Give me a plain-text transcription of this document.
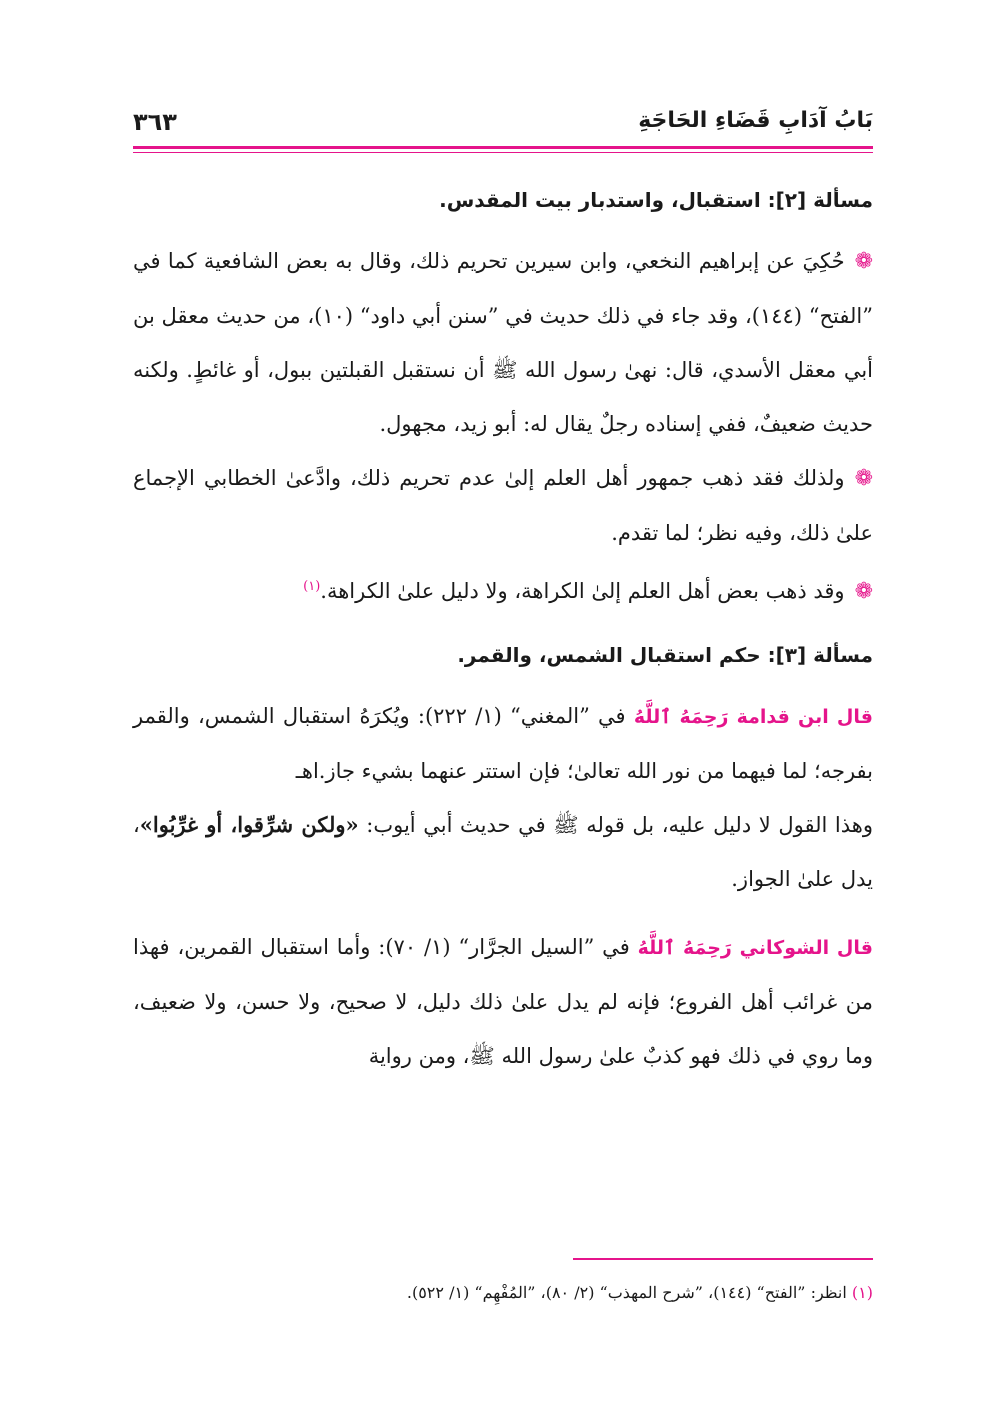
بَابُ آدَابِ قَضَاءِ الحَاجَةِ
٣٦٣
مسألة [٢]: استقبال، واستدبار بيت المقدس.

❁حُكِيَ عن إبراهيم النخعي، وابن سيرين تحريم ذلك، وقال به بعض الشافعية كما في ”الفتح“ (١٤٤)، وقد جاء في ذلك حديث في ”سنن أبي داود“ (١٠)، من حديث معقل بن أبي معقل الأسدي، قال: نهىٰ رسول الله ﷺ أن نستقبل القبلتين ببول، أو غائطٍ. ولكنه حديث ضعيفٌ، ففي إسناده رجلٌ يقال له: أبو زيد، مجهول.

❁ولذلك فقد ذهب جمهور أهل العلم إلىٰ عدم تحريم ذلك، وادَّعىٰ الخطابي الإجماع علىٰ ذلك، وفيه نظر؛ لما تقدم.

❁وقد ذهب بعض أهل العلم إلىٰ الكراهة، ولا دليل علىٰ الكراهة.$^{(١)}$

مسألة [٣]: حكم استقبال الشمس، والقمر.

قال ابن قدامة رَحِمَهُ ٱللَّهُ في ”المغني“ (١/ ٢٢٢): ويُكرَهُ استقبال الشمس، والقمر بفرجه؛ لما فيهما من نور الله تعالىٰ؛ فإن استتر عنهما بشيء جاز.اهـ

وهذا القول لا دليل عليه، بل قوله ﷺ في حديث أبي أيوب: «ولكن شرِّقوا، أو غرِّبُوا»، يدل علىٰ الجواز.

قال الشوكاني رَحِمَهُ ٱللَّهُ في ”السيل الجرَّار“ (١/ ٧٠): وأما استقبال القمرين، فهذا من غرائب أهل الفروع؛ فإنه لم يدل علىٰ ذلك دليل، لا صحيح، ولا حسن، ولا ضعيف، وما روي في ذلك فهو كذبٌ علىٰ رسول الله ﷺ، ومن رواية

(١) انظر: ”الفتح“ (١٤٤)، ”شرح المهذب“ (٢/ ٨٠)، ”المُفْهِم“ (١/ ٥٢٢).
